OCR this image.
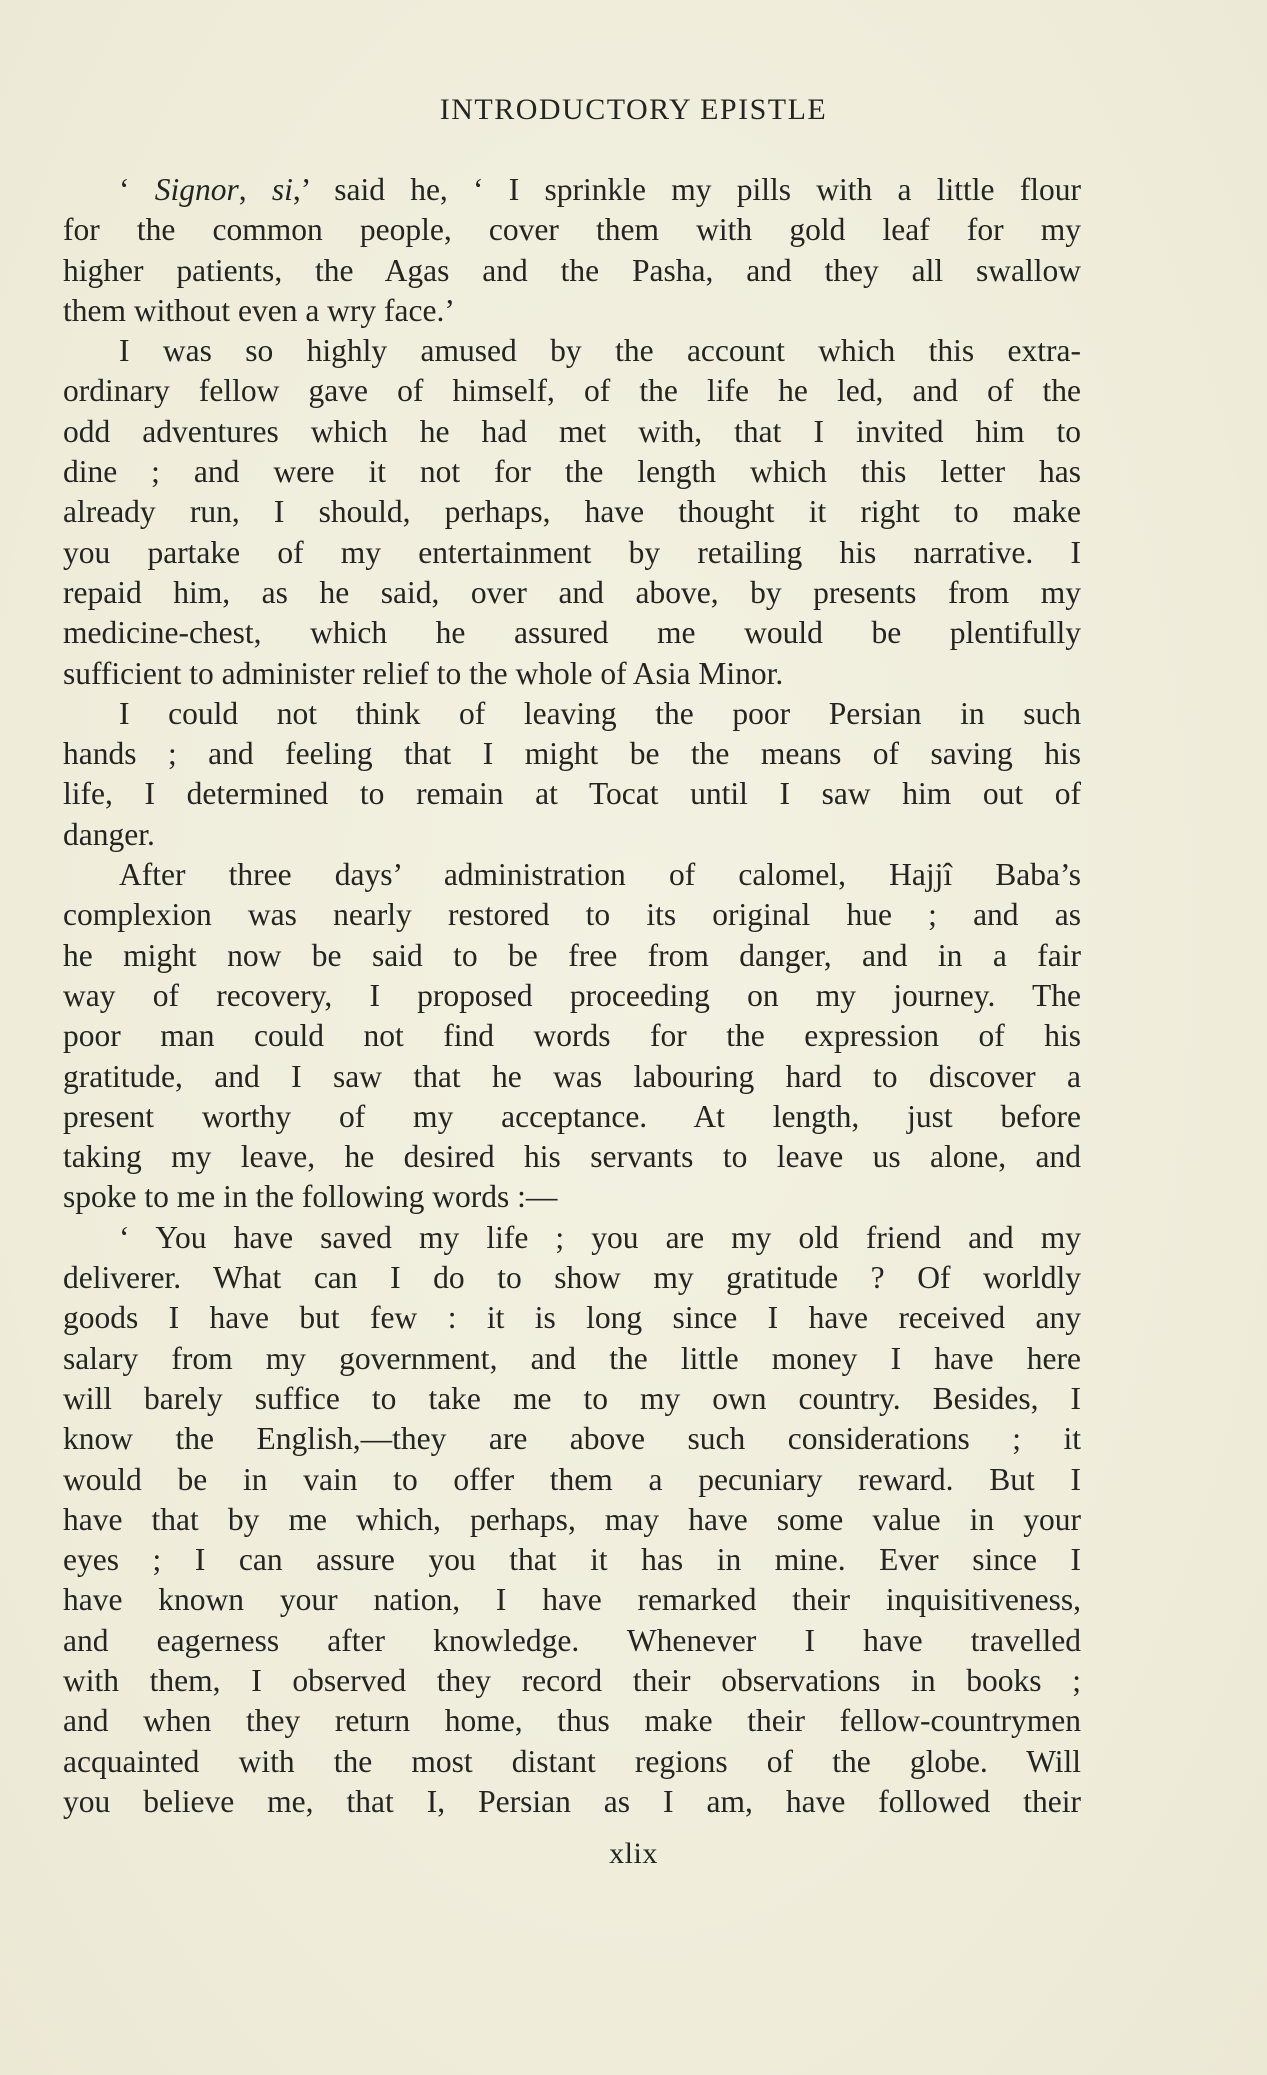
INTRODUCTORY EPISTLE
‘ Signor, si,’ said he, ‘ I sprinkle my pills with a little flour
for the common people, cover them with gold leaf for my
higher patients, the Agas and the Pasha, and they all swallow
them without even a wry face.’
I was so highly amused by the account which this extra-
ordinary fellow gave of himself, of the life he led, and of the
odd adventures which he had met with, that I invited him to
dine ; and were it not for the length which this letter has
already run, I should, perhaps, have thought it right to make
you partake of my entertainment by retailing his narrative. I
repaid him, as he said, over and above, by presents from my
medicine-chest, which he assured me would be plentifully
sufficient to administer relief to the whole of Asia Minor.
I could not think of leaving the poor Persian in such
hands ; and feeling that I might be the means of saving his
life, I determined to remain at Tocat until I saw him out of
danger.
After three days’ administration of calomel, Hajjî Baba’s
complexion was nearly restored to its original hue ; and as
he might now be said to be free from danger, and in a fair
way of recovery, I proposed proceeding on my journey. The
poor man could not find words for the expression of his
gratitude, and I saw that he was labouring hard to discover a
present worthy of my acceptance. At length, just before
taking my leave, he desired his servants to leave us alone, and
spoke to me in the following words :—
‘ You have saved my life ; you are my old friend and my
deliverer. What can I do to show my gratitude ? Of worldly
goods I have but few : it is long since I have received any
salary from my government, and the little money I have here
will barely suffice to take me to my own country. Besides, I
know the English,—they are above such considerations ; it
would be in vain to offer them a pecuniary reward. But I
have that by me which, perhaps, may have some value in your
eyes ; I can assure you that it has in mine. Ever since I
have known your nation, I have remarked their inquisitiveness,
and eagerness after knowledge. Whenever I have travelled
with them, I observed they record their observations in books ;
and when they return home, thus make their fellow-countrymen
acquainted with the most distant regions of the globe. Will
you believe me, that I, Persian as I am, have followed their
xlix
